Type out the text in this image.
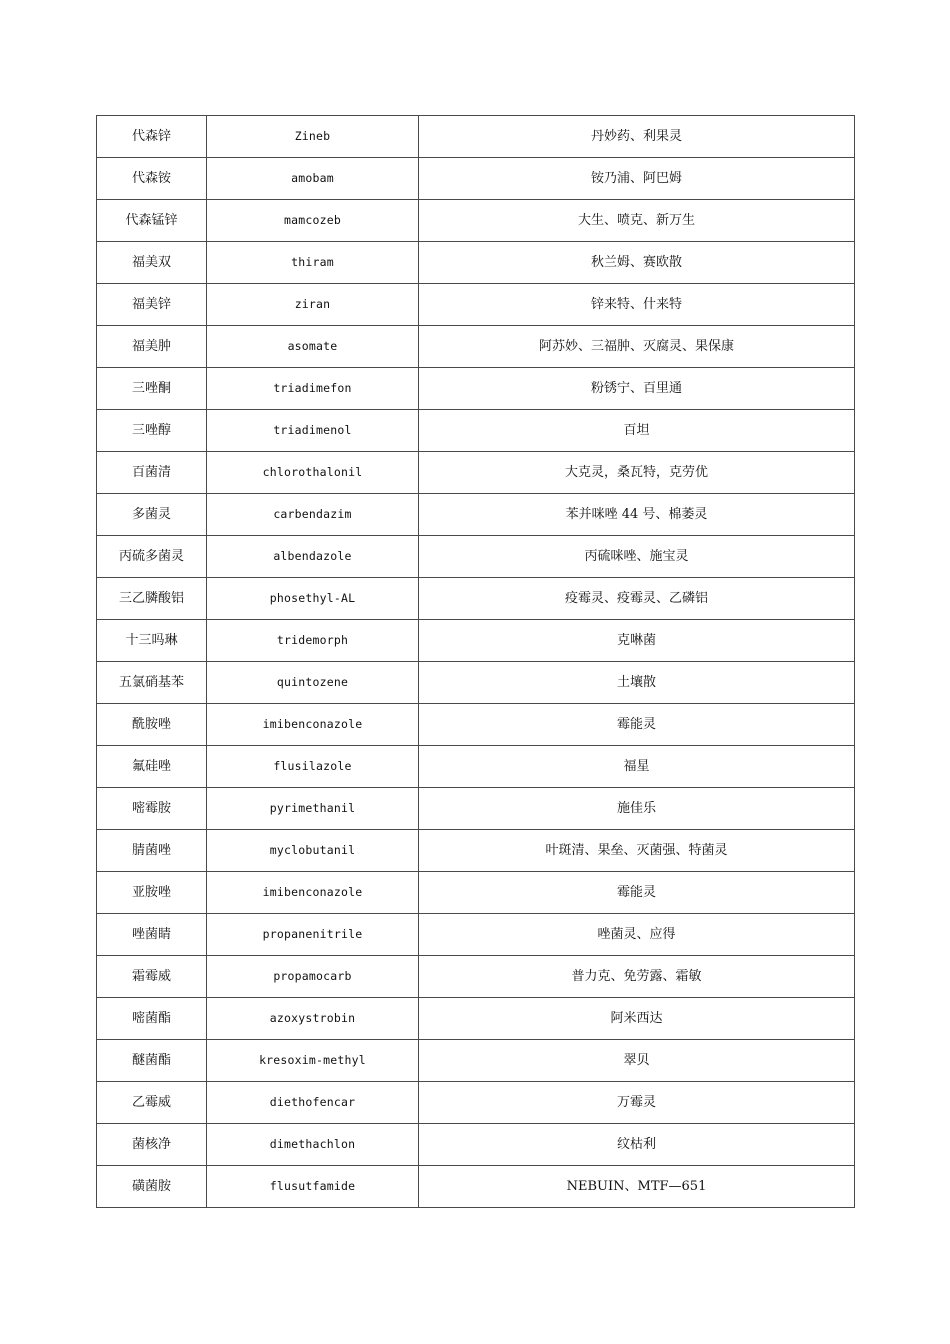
代森锌	Zineb	丹妙药、利果灵
代森铵	amobam	铵乃浦、阿巴姆
代森锰锌	mamcozeb	大生、喷克、新万生
福美双	thiram	秋兰姆、赛欧散
福美锌	ziran	锌来特、什来特
福美肿	asomate	阿苏妙、三福肿、灭腐灵、果保康
三唑酮	triadimefon	粉锈宁、百里通
三唑醇	triadimenol	百坦
百菌清	chlorothalonil	大克灵，桑瓦特，克劳优
多菌灵	carbendazim	苯并咪唑 44 号、棉萎灵
丙硫多菌灵	albendazole	丙硫咪唑、施宝灵
三乙膦酸铝	phosethyl-AL	疫霉灵、疫霉灵、乙磷铝
十三吗琳	tridemorph	克啉菌
五氯硝基苯	quintozene	土壤散
酰胺唑	imibenconazole	霉能灵
氟硅唑	flusilazole	福星
嘧霉胺	pyrimethanil	施佳乐
腈菌唑	myclobutanil	叶斑清、果垒、灭菌强、特菌灵
亚胺唑	imibenconazole	霉能灵
唑菌睛	propanenitrile	唑菌灵、应得
霜霉威	propamocarb	普力克、免劳露、霜敏
嘧菌酯	azoxystrobin	阿米西达
醚菌酯	kresoxim-methyl	翠贝
乙霉威	diethofencar	万霉灵
菌核净	dimethachlon	纹枯利
磺菌胺	flusutfamide	NEBUIN、MTF—651
